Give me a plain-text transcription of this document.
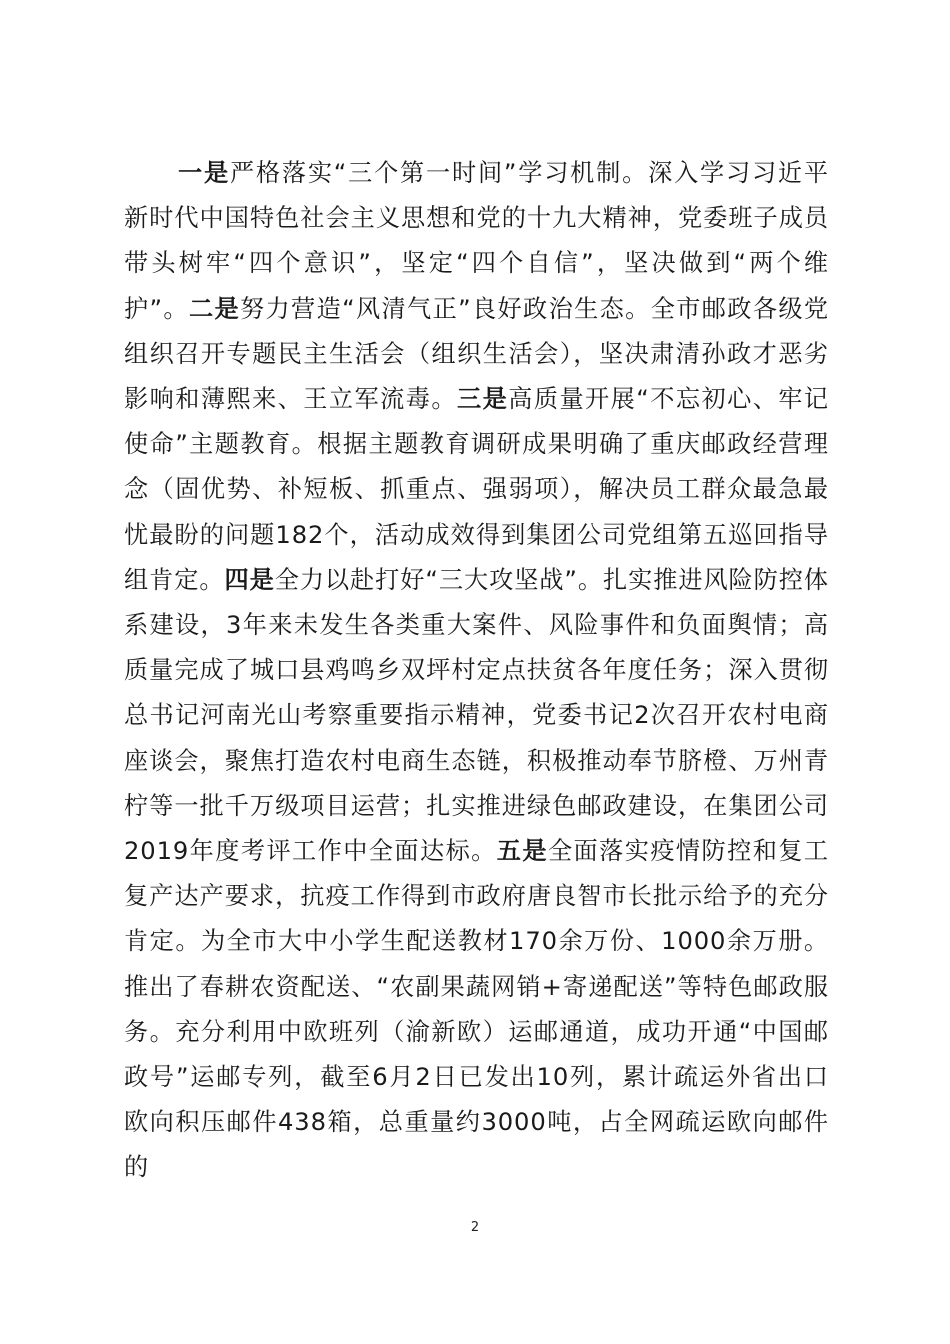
一是严格落实“三个第一时间”学习机制。深入学习习近平新时代中国特色社会主义思想和党的十九大精神，党委班子成员带头树牢“四个意识”，坚定“四个自信”，坚决做到“两个维护”。二是努力营造“风清气正”良好政治生态。全市邮政各级党组织召开专题民主生活会（组织生活会），坚决肃清孙政才恶劣影响和薄熙来、王立军流毒。三是高质量开展“不忘初心、牢记使命”主题教育。根据主题教育调研成果明确了重庆邮政经营理念（固优势、补短板、抓重点、强弱项），解决员工群众最急最忧最盼的问题182个，活动成效得到集团公司党组第五巡回指导组肯定。四是全力以赴打好“三大攻坚战”。扎实推进风险防控体系建设，3年来未发生各类重大案件、风险事件和负面舆情；高质量完成了城口县鸡鸣乡双坪村定点扶贫各年度任务；深入贯彻总书记河南光山考察重要指示精神，党委书记2次召开农村电商座谈会，聚焦打造农村电商生态链，积极推动奉节脐橙、万州青柠等一批千万级项目运营；扎实推进绿色邮政建设，在集团公司2019年度考评工作中全面达标。五是全面落实疫情防控和复工复产达产要求，抗疫工作得到市政府唐良智市长批示给予的充分肯定。为全市大中小学生配送教材170余万份、1000余万册。推出了春耕农资配送、“农副果蔬网销+寄递配送”等特色邮政服务。充分利用中欧班列（渝新欧）运邮通道，成功开通“中国邮政号”运邮专列，截至6月2日已发出10列，累计疏运外省出口欧向积压邮件438箱，总重量约3000吨，占全网疏运欧向邮件的

2
